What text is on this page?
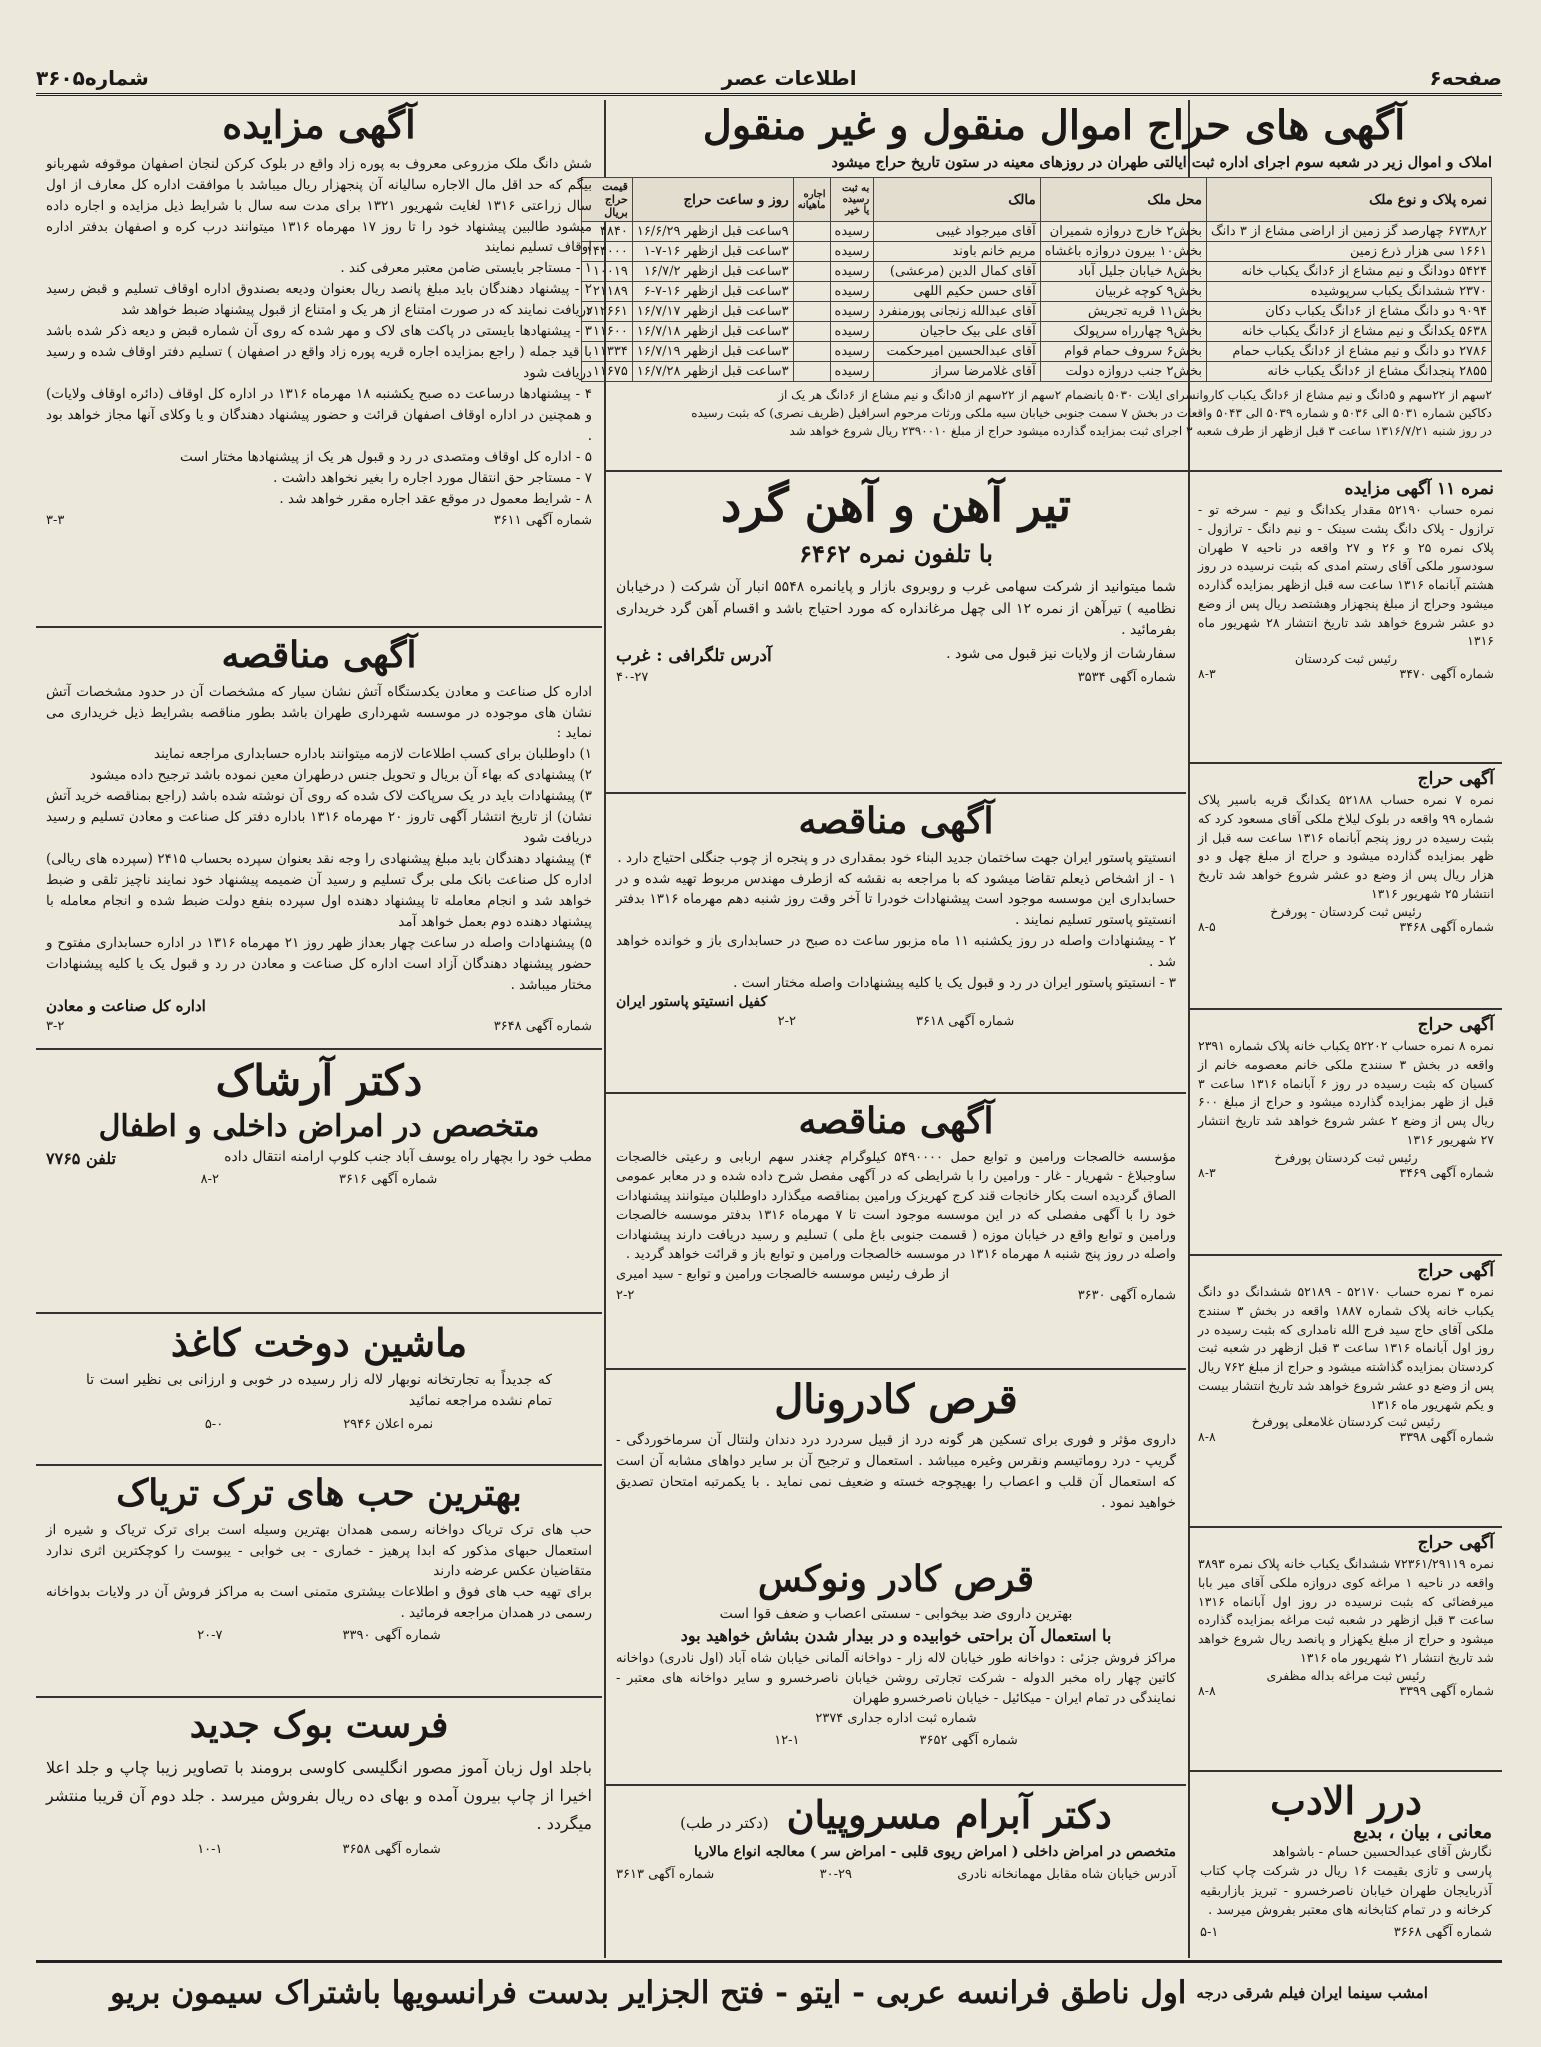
صفحه۶
اطلاعات عصر
شماره۳۶۰۵
آگهی های حراج اموال منقول و غیر منقول
املاک و اموال زیر در شعبه سوم اجرای اداره ثبت ایالتی طهران در روزهای معینه در ستون تاریخ حراج میشود
نمره پلاک و نوع ملک	محل ملک	مالک	به ثبت رسیده یا خیر	اجاره ماهیانه	روز و ساعت حراج	قیمت حراج بریال
۶۷۳۸٫۲ چهارصد گز زمین از اراضی مشاع از ۳ دانگ	بخش۲ خارج دروازه شمیران	آقای میرجواد غیبی	رسیده		۹ساعت قبل ازظهر ۱۶/۶/۲۹	۴۸۴۰
۱۶۶۱ سی هزار ذرع زمین	بخش۱۰ بیرون دروازه باغشاه	مریم خانم باوند	رسیده		۳ساعت قبل ازظهر ۱۶-۷-۱	۱۴۴۰۰۰
۵۴۲۴ دودانگ و نیم مشاع از ۶دانگ یکباب خانه	بخش۸ خیابان جلیل آباد	آقای کمال الدین (مرعشی)	رسیده		۳ساعت قبل ازظهر ۱۶/۷/۲	۱۰۰۱۹
۲۳۷۰ ششدانگ یکباب سرپوشیده	بخش۹ کوچه غربیان	آقای حسن حکیم اللهی	رسیده		۳ساعت قبل ازظهر ۱۶-۷-۶	۲۱۱۸۹
۹۰۹۴ دو دانگ مشاع از ۶دانگ یکباب دکان	بخش۱۱ قریه تجریش	آقای عبدالله زنجانی پورمنفرد	رسیده		۳ساعت قبل ازظهر ۱۶/۷/۱۷	۲۱۲۶۶۱
۵۶۳۸ یکدانگ و نیم مشاع از ۶دانگ یکباب خانه	بخش۹ چهارراه سرپولک	آقای علی بیک حاجیان	رسیده		۳ساعت قبل ازظهر ۱۶/۷/۱۸	۱۱۶۰۰
۲۷۸۶ دو دانگ و نیم مشاع از ۶دانگ یکباب حمام	بخش۶ سروف حمام قوام	آقای عبدالحسین امیرحکمت	رسیده		۳ساعت قبل ازظهر ۱۶/۷/۱۹	۱۱۳۳۴
۲۸۵۵ پنجدانگ مشاع از ۶دانگ یکباب خانه	بخش۲ جنب دروازه دولت	آقای غلامرضا سراز	رسیده		۳ساعت قبل ازظهر ۱۶/۷/۲۸	۱۱۶۷۵
۲سهم از ۲۲سهم و ۵دانگ و نیم مشاع از ۶دانگ یکباب کاروانسرای ایلات ۵۰۳۰ بانضمام ۲سهم از ۲۲سهم از ۵دانگ و نیم مشاع از ۶دانگ هر یک از
دکاکین شماره ۵۰۳۱ الی ۵۰۳۶ و شماره ۵۰۳۹ الی ۵۰۴۳ واقعات در بخش ۷ سمت جنوبی خیابان سیه ملکی ورثات مرحوم اسرافیل (ظریف نصری) که بثبت رسیده
در روز شنبه ۱۳۱۶/۷/۲۱ ساعت ۳ قبل ازظهر از طرف شعبه ۳ اجرای ثبت بمزایده گذارده میشود حراج از مبلغ ۲۳۹۰۰۱۰ ریال شروع خواهد شد
آگهی مزایده
شش دانگ ملک مزروعی معروف به پوره زاد واقع در بلوک کرکن لنجان اصفهان موقوفه شهربانو بیگم که حد اقل مال الاجاره سالیانه آن پنجهزار ریال میباشد با موافقت اداره کل معارف از اول سال زراعتی ۱۳۱۶ لغایت شهریور ۱۳۲۱ برای مدت سه سال با شرایط ذیل مزایده و اجاره داده میشود طالبین پیشنهاد خود را تا روز ۱۷ مهرماه ۱۳۱۶ میتوانند درب کره و اصفهان بدفتر اداره اوقاف تسلیم نمایند
۱ - مستاجر بایستی ضامن معتبر معرفی کند .
۲ - پیشنهاد دهندگان باید مبلغ پانصد ریال بعنوان ودیعه بصندوق اداره اوقاف تسلیم و قبض رسید دریافت نمایند که در صورت امتناع از هر یک و امتناع از قبول پیشنهاد ضبط خواهد شد
۳ - پیشنهادها بایستی در پاکت های لاک و مهر شده که روی آن شماره قبض و دیعه ذکر شده باشد با قید جمله ( راجع بمزایده اجاره قریه پوره زاد واقع در اصفهان ) تسلیم دفتر اوقاف شده و رسید دریافت شود
۴ - پیشنهادها درساعت ده صبح یکشنبه ۱۸ مهرماه ۱۳۱۶ در اداره کل اوقاف (دائره اوقاف ولایات) و همچنین در اداره اوقاف اصفهان قرائت و حضور پیشنهاد دهندگان و یا وکلای آنها مجاز خواهد بود .
۵ - اداره کل اوقاف ومتصدی در رد و قبول هر یک از پیشنهادها مختار است
۷ - مستاجر حق انتقال مورد اجاره را بغیر نخواهد داشت .
۸ - شرایط معمول در موقع عقد اجاره مقرر خواهد شد .
شماره آگهی ۳۶۱۱
۳-۳
آگهی مناقصه
اداره کل صناعت و معادن یکدستگاه آتش نشان سیار که مشخصات آن در حدود مشخصات آتش نشان های موجوده در موسسه شهرداری طهران باشد بطور مناقصه بشرایط ذیل خریداری می نماید :
۱) داوطلبان برای کسب اطلاعات لازمه میتوانند باداره حسابداری مراجعه نمایند
۲) پیشنهادی که بهاء آن بریال و تحویل جنس درطهران معین نموده باشد ترجیح داده میشود
۳) پیشنهادات باید در یک سرپاکت لاک شده که روی آن نوشته شده باشد (راجع بمناقصه خرید آتش نشان) از تاریخ انتشار آگهی تاروز ۲۰ مهرماه ۱۳۱۶ باداره دفتر کل صناعت و معادن تسلیم و رسید دریافت شود
۴) پیشنهاد دهندگان باید مبلغ پیشنهادی را وجه نقد بعنوان سپرده بحساب ۲۴۱۵ (سپرده های ریالی) اداره کل صناعت بانک ملی برگ تسلیم و رسید آن ضمیمه پیشنهاد خود نمایند ناچیز تلقی و ضبط خواهد شد و انجام معامله تا پیشنهاد دهنده اول سپرده بنفع دولت ضبط شده و انجام معامله با پیشنهاد دهنده دوم بعمل خواهد آمد
۵) پیشنهادات واصله در ساعت چهار بعداز ظهر روز ۲۱ مهرماه ۱۳۱۶ در اداره حسابداری مفتوح و حضور پیشنهاد دهندگان آزاد است اداره کل صناعت و معادن در رد و قبول یک یا کلیه پیشنهادات مختار میباشد .
اداره کل صناعت و معادن
شماره آگهی ۳۶۴۸
۳-۲
دکتر آرشاک
متخصص در امراض داخلی و اطفال
مطب خود را بچهار راه یوسف آباد جنب کلوپ ارامنه انتقال داده
تلفن ۷۷۶۵
شماره آگهی ۳۶۱۶
۸-۲
ماشین دوخت کاغذ
که جدیداً به تجارتخانه نوبهار لاله زار رسیده در خوبی و ارزانی بی نظیر است تا تمام نشده مراجعه نمائید
نمره اعلان ۲۹۴۶
۵-۰
بهترین حب های ترک تریاک
حب های ترک تریاک دواخانه رسمی همدان بهترین وسیله است برای ترک تریاک و شیره از استعمال حبهای مذکور که ابدا پرهیز - خماری - بی خوابی - یبوست را کوچکترین اثری ندارد متقاضیان عکس عرضه دارند
برای تهیه حب های فوق و اطلاعات بیشتری متمنی است به مراکز فروش آن در ولایات بدواخانه رسمی در همدان مراجعه فرمائید .
شماره آگهی ۳۳۹۰
۲۰-۷
فرست بوک جدید
باجلد اول زبان آموز مصور انگلیسی کاوسی برومند با تصاویر زیبا چاپ و جلد اعلا اخیرا از چاپ بیرون آمده و بهای ده ریال بفروش میرسد . جلد دوم آن قریبا منتشر میگردد .
شماره آگهی ۳۶۵۸
۱۰-۱
تیر آهن و آهن گرد
با تلفون نمره ۶۴۶۲
شما میتوانید از شرکت سهامی غرب و روبروی بازار و پایانمره ۵۵۴۸ انبار آن شرکت ( درخیابان نظامیه ) تیرآهن از نمره ۱۲ الی چهل مرغانداره که مورد احتیاج باشد و اقسام آهن گرد خریداری بفرمائید .
سفارشات از ولایات نیز قبول می شود .
آدرس تلگرافی : غرب
شماره آگهی ۳۵۳۴
۴۰-۲۷
آگهی مناقصه
انستیتو پاستور ایران جهت ساختمان جدید البناء خود بمقداری در و پنجره از چوب جنگلی احتیاج دارد .
۱ - از اشخاص ذیعلم تقاضا میشود که با مراجعه به نقشه که ازطرف مهندس مربوط تهیه شده و در حسابداری این موسسه موجود است پیشنهادات خودرا تا آخر وقت روز شنبه دهم مهرماه ۱۳۱۶ بدفتر انستیتو پاستور تسلیم نمایند .
۲ - پیشنهادات واصله در روز یکشنبه ۱۱ ماه مزبور ساعت ده صبح در حسابداری باز و خوانده خواهد شد .
۳ - انستیتو پاستور ایران در رد و قبول یک یا کلیه پیشنهادات واصله مختار است .
کفیل انستیتو پاستور ایران
شماره آگهی ۳۶۱۸
۲-۲
آگهی مناقصه
مؤسسه خالصجات ورامین و توابع حمل ۵۴۹۰۰۰۰ کیلوگرام چغندر سهم اربابی و رعیتی خالصجات ساوجبلاغ - شهریار - غار - ورامین را با شرایطی که در آگهی مفصل شرح داده شده و در معابر عمومی الصاق گردیده است بکار خانجات قند کرج کهریزک ورامین بمناقصه میگذارد داوطلبان میتوانند پیشنهادات خود را با آگهی مفصلی که در این موسسه موجود است تا ۷ مهرماه ۱۳۱۶ بدفتر موسسه خالصجات ورامین و توابع واقع در خیابان موزه ( قسمت جنوبی باغ ملی ) تسلیم و رسید دریافت دارند پیشنهادات واصله در روز پنج شنبه ۸ مهرماه ۱۳۱۶ در موسسه خالصجات ورامین و توابع باز و قرائت خواهد گردید .
از طرف رئیس موسسه خالصجات ورامین و توابع - سید امیری
شماره آگهی ۳۶۳۰
۲-۲
قرص کادرونال
داروی مؤثر و فوری برای تسکین هر گونه درد از قبیل سردرد درد دندان ولنتال آن سرماخوردگی - گریپ - درد روماتیسم ونقرس وغیره میباشد . استعمال و ترجیح آن بر سایر دواهای مشابه آن است که استعمال آن قلب و اعصاب را بهیچوجه خسته و ضعیف نمی نماید . با یکمرتبه امتحان تصدیق خواهید نمود .
قرص کادر ونوکس
بهترین داروی ضد بیخوابی - سستی اعصاب و ضعف قوا است
با استعمال آن براحتی خوابیده و در بیدار شدن بشاش خواهید بود
مراکز فروش جزئی : دواخانه طور خیابان لاله زار - دواخانه آلمانی خیابان شاه آباد (اول نادری) دواخانه کاتین چهار راه مخبر الدوله - شرکت تجارتی روشن خیابان ناصرخسرو و سایر دواخانه های معتبر - نمایندگی در تمام ایران - میکائیل - خیابان ناصرخسرو طهران
شماره ثبت اداره جداری ۲۳۷۴
شماره آگهی ۳۶۵۲
۱۲-۱
دکتر آبرام مسروپیان
(دکتر در طب)
متخصص در امراض داخلی ( امراض ریوی قلبی - امراض سر ) معالجه انواع مالاریا
آدرس خیابان شاه مقابل مهمانخانه نادری
۳۰-۲۹
شماره آگهی ۳۶۱۳
نمره ۱۱ آگهی مزایده
نمره حساب ۵۲۱۹۰ مقدار یکدانگ و نیم - سرخه تو - ترازول - پلاک دانگ پشت سینک - و نیم دانگ - ترازول - پلاک نمره ۲۵ و ۲۶ و ۲۷ واقعه در ناحیه ۷ طهران سودسور ملکی آقای رستم امدی که بثبت نرسیده در روز هشتم آبانماه ۱۳۱۶ ساعت سه قبل ازظهر بمزایده گذارده میشود وحراج از مبلغ پنجهزار وهشتصد ریال پس از وضع دو عشر شروع خواهد شد تاریخ انتشار ۲۸ شهریور ماه ۱۳۱۶
رئیس ثبت کردستان
شماره آگهی ۳۴۷۰
۸-۳
آگهی حراج
نمره ۷ نمره حساب ۵۲۱۸۸ یکدانگ قریه باسیر پلاک شماره ۹۹ واقعه در بلوک لیلاخ ملکی آقای مسعود کرد که بثبت رسیده در روز پنجم آبانماه ۱۳۱۶ ساعت سه قبل از ظهر بمزایده گذارده میشود و حراج از مبلغ چهل و دو هزار ریال پس از وضع دو عشر شروع خواهد شد تاریخ انتشار ۲۵ شهریور ۱۳۱۶
رئیس ثبت کردستان - پورفرخ
شماره آگهی ۳۴۶۸
۸-۵
آگهی حراج
نمره ۸ نمره حساب ۵۲۲۰۲ یکباب خانه پلاک شماره ۲۳۹۱ واقعه در بخش ۳ سنندج ملکی خانم معصومه خانم از کسیان که بثبت رسیده در روز ۶ آبانماه ۱۳۱۶ ساعت ۳ قبل از ظهر بمزایده گذارده میشود و حراج از مبلغ ۶۰۰ ریال پس از وضع ۲ عشر شروع خواهد شد تاریخ انتشار ۲۷ شهریور ۱۳۱۶
رئیس ثبت کردستان پورفرخ
شماره آگهی ۳۴۶۹
۸-۳
آگهی حراج
نمره ۳ نمره حساب ۵۲۱۷۰ - ۵۲۱۸۹ ششدانگ دو دانگ یکباب خانه پلاک شماره ۱۸۸۷ واقعه در بخش ۳ سنندج ملکی آقای حاج سید فرج الله نامداری که بثبت رسیده در روز اول آبانماه ۱۳۱۶ ساعت ۳ قبل ازظهر در شعبه ثبت کردستان بمزایده گذاشته میشود و حراج از مبلغ ۷۶۲ ریال پس از وضع دو عشر شروع خواهد شد تاریخ انتشار بیست و یکم شهریور ماه ۱۳۱۶
رئیس ثبت کردستان غلامعلی پورفرخ
شماره آگهی ۳۳۹۸
۸-۸
آگهی حراج
نمره ۷۲۳۶۱/۲۹۱۱۹ ششدانگ یکباب خانه پلاک نمره ۳۸۹۳ واقعه در ناحیه ۱ مراغه کوی دروازه ملکی آقای میر بابا میرفضائی که بثبت نرسیده در روز اول آبانماه ۱۳۱۶ ساعت ۳ قبل ازظهر در شعبه ثبت مراغه بمزایده گذارده میشود و حراج از مبلغ یکهزار و پانصد ریال شروع خواهد شد تاریخ انتشار ۲۱ شهریور ماه ۱۳۱۶
رئیس ثبت مراغه بداله مظفری
شماره آگهی ۳۳۹۹
۸-۸
درر الادب
معانی ، بیان ، بدیع
نگارش آقای عبدالحسین حسام - باشواهد
پارسی و تازی بقیمت ۱۶ ریال در شرکت چاپ کتاب آذربایجان طهران خیابان ناصرخسرو - تبریز بازاربقیه کرخانه و در تمام کتابخانه های معتبر بفروش میرسد .
شماره آگهی ۳۶۶۸
۵-۱
امشب سینما ایران فیلم شرقی درجه
اول ناطق فرانسه عربی - ایتو - فتح الجزایر بدست فرانسویها باشتراک سیمون بریو
